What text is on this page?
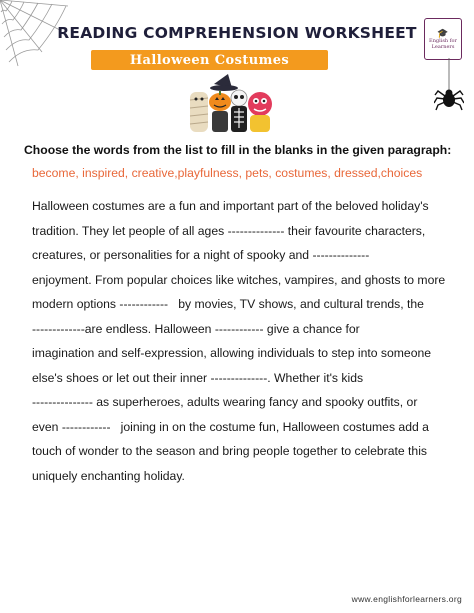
🎓
English for Learners
READING COMPREHENSION WORKSHEET
Halloween Costumes
Choose the words from the list to fill in the blanks in the given paragraph:
become, inspired, creative,playfulness, pets, costumes, dressed,choices
Halloween costumes are a fun and important part of the beloved holiday's
tradition. They let people of all ages -------------- their favourite characters,
creatures, or personalities for a night of spooky and --------------
enjoyment. From popular choices like witches, vampires, and ghosts to more
modern options ------------   by movies, TV shows, and cultural trends, the
-------------are endless. Halloween ------------ give a chance for
imagination and self-expression, allowing individuals to step into someone
else's shoes or let out their inner --------------. Whether it's kids
--------------- as superheroes, adults wearing fancy and spooky outfits, or
even ------------   joining in on the costume fun, Halloween costumes add a
touch of wonder to the season and bring people together to celebrate this
uniquely enchanting holiday.
www.englishforlearners.org
